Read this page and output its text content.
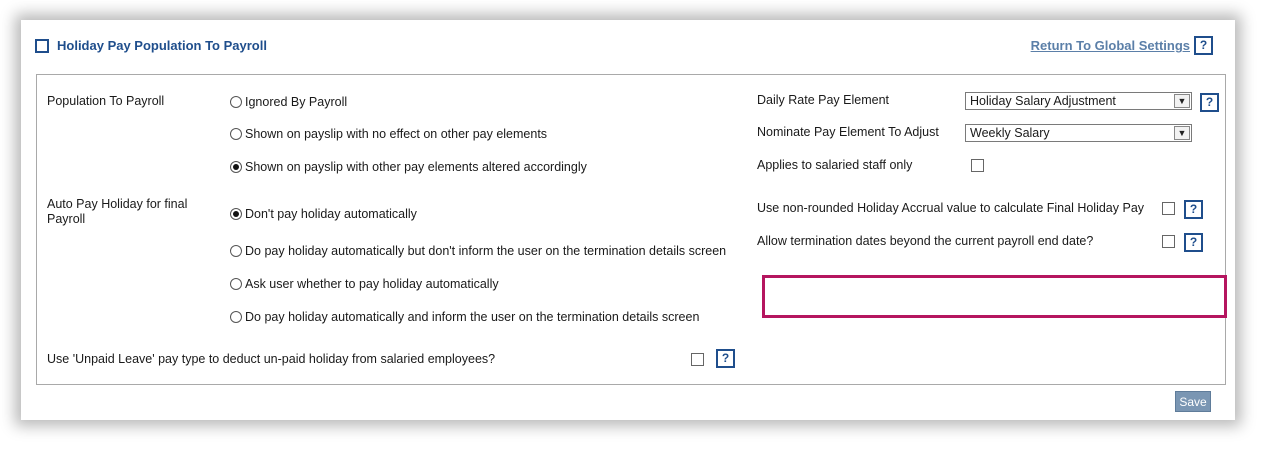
Holiday Pay Population To Payroll	Return To Global Settings ?
Population To Payroll	Ignored By Payroll
Shown on payslip with no effect on other pay elements
Shown on payslip with other pay elements altered accordingly
Auto Pay Holiday for final Payroll	Don't pay holiday automatically
Do pay holiday automatically but don't inform the user on the termination details screen
Ask user whether to pay holiday automatically
Do pay holiday automatically and inform the user on the termination details screen
Use 'Unpaid Leave' pay type to deduct un-paid holiday from salaried employees?	?
Daily Rate Pay Element	Holiday Salary Adjustment	▼	?
Nominate Pay Element To Adjust	Weekly Salary	▼
Applies to salaried staff only
Use non-rounded Holiday Accrual value to calculate Final Holiday Pay	?
Allow termination dates beyond the current payroll end date?	?
Save
